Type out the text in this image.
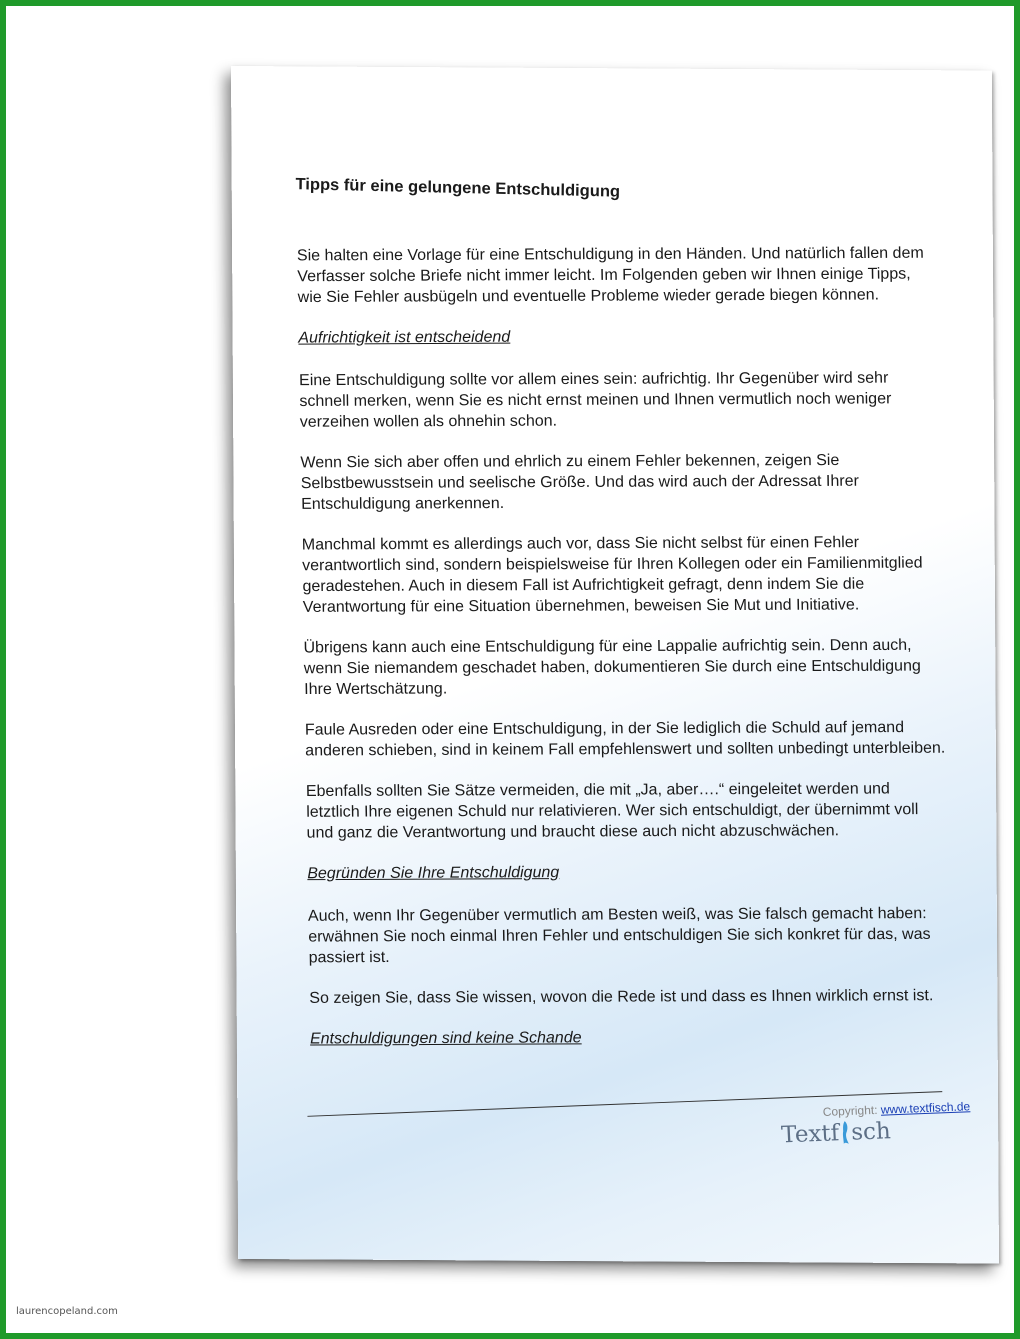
Tipps für eine gelungene Entschuldigung

Sie halten eine Vorlage für eine Entschuldigung in den Händen. Und natürlich fallen dem Verfasser solche Briefe nicht immer leicht. Im Folgenden geben wir Ihnen einige Tipps, wie Sie Fehler ausbügeln und eventuelle Probleme wieder gerade biegen können.

Aufrichtigkeit ist entscheidend

Eine Entschuldigung sollte vor allem eines sein: aufrichtig. Ihr Gegenüber wird sehr schnell merken, wenn Sie es nicht ernst meinen und Ihnen vermutlich noch weniger verzeihen wollen als ohnehin schon.

Wenn Sie sich aber offen und ehrlich zu einem Fehler bekennen, zeigen Sie Selbstbewusstsein und seelische Größe. Und das wird auch der Adressat Ihrer Entschuldigung anerkennen.

Manchmal kommt es allerdings auch vor, dass Sie nicht selbst für einen Fehler verantwortlich sind, sondern beispielsweise für Ihren Kollegen oder ein Familienmitglied geradestehen. Auch in diesem Fall ist Aufrichtigkeit gefragt, denn indem Sie die Verantwortung für eine Situation übernehmen, beweisen Sie Mut und Initiative.

Übrigens kann auch eine Entschuldigung für eine Lappalie aufrichtig sein. Denn auch, wenn Sie niemandem geschadet haben, dokumentieren Sie durch eine Entschuldigung Ihre Wertschätzung.

Faule Ausreden oder eine Entschuldigung, in der Sie lediglich die Schuld auf jemand anderen schieben, sind in keinem Fall empfehlenswert und sollten unbedingt unterbleiben.

Ebenfalls sollten Sie Sätze vermeiden, die mit „Ja, aber….“ eingeleitet werden und letztlich Ihre eigenen Schuld nur relativieren. Wer sich entschuldigt, der übernimmt voll und ganz die Verantwortung und braucht diese auch nicht abzuschwächen.

Begründen Sie Ihre Entschuldigung

Auch, wenn Ihr Gegenüber vermutlich am Besten weiß, was Sie falsch gemacht haben: erwähnen Sie noch einmal Ihren Fehler und entschuldigen Sie sich konkret für das, was passiert ist.

So zeigen Sie, dass Sie wissen, wovon die Rede ist und dass es Ihnen wirklich ernst ist.

Entschuldigungen sind keine Schande
Copyright: www.textfisch.de
Textf sch
laurencopeland.com
